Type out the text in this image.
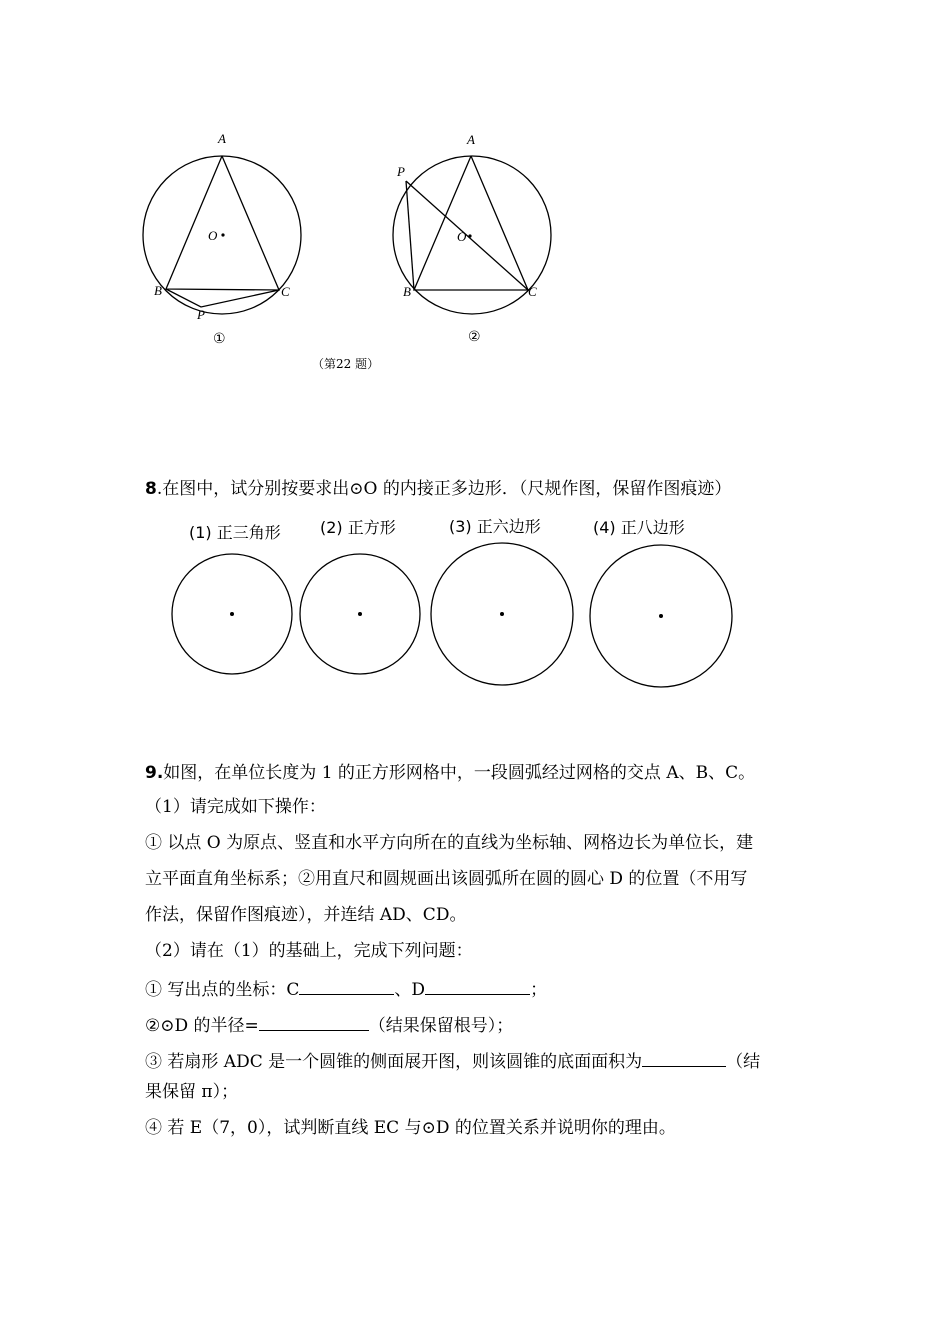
A
O
B	C
P
①
A
P
O
B	C
②
（第22 题）
8.在图中，试分别按要求出⊙O 的内接正多边形．（尺规作图，保留作图痕迹）
(1) 正三角形 (2) 正方形	(3) 正六边形	(4) 正八边形
9.如图，在单位长度为 1 的正方形网格中，一段圆弧经过网格的交点 A、B、C。
（1）请完成如下操作：
① 以点 O 为原点、竖直和水平方向所在的直线为坐标轴、网格边长为单位长，建
立平面直角坐标系；②用直尺和圆规画出该圆弧所在圆的圆心 D 的位置（不用写
作法，保留作图痕迹），并连结 AD、CD。
（2）请在（1）的基础上，完成下列问题：
① 写出点的坐标：C	、D	；
②⊙D 的半径=	（结果保留根号）；
③ 若扇形 ADC 是一个圆锥的侧面展开图，则该圆锥的底面面积为	（结
果保留 π）；
④ 若 E（7，0），试判断直线 EC 与⊙D 的位置关系并说明你的理由。
